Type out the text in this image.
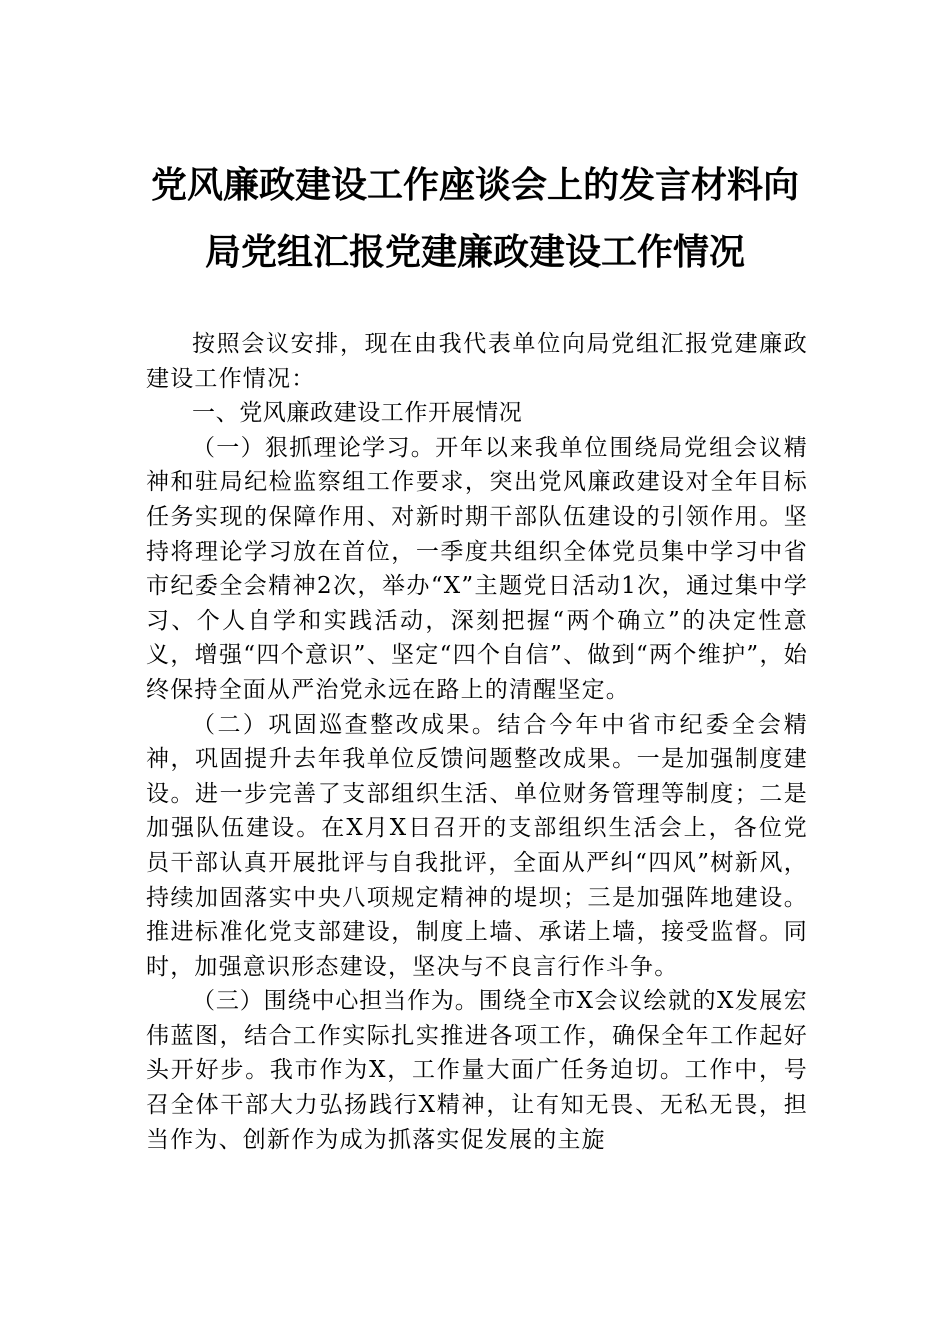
党风廉政建设工作座谈会上的发言材料向
局党组汇报党建廉政建设工作情况

按照会议安排，现在由我代表单位向局党组汇报党建廉政建设工作情况：

一、党风廉政建设工作开展情况

（一）狠抓理论学习。开年以来我单位围绕局党组会议精神和驻局纪检监察组工作要求，突出党风廉政建设对全年目标任务实现的保障作用、对新时期干部队伍建设的引领作用。坚持将理论学习放在首位，一季度共组织全体党员集中学习中省市纪委全会精神2次，举办“X”主题党日活动1次，通过集中学习、个人自学和实践活动，深刻把握“两个确立”的决定性意义，增强“四个意识”、坚定“四个自信”、做到“两个维护”，始终保持全面从严治党永远在路上的清醒坚定。

（二）巩固巡查整改成果。结合今年中省市纪委全会精神，巩固提升去年我单位反馈问题整改成果。一是加强制度建设。进一步完善了支部组织生活、单位财务管理等制度；二是加强队伍建设。在X月X日召开的支部组织生活会上，各位党员干部认真开展批评与自我批评，全面从严纠“四风”树新风，持续加固落实中央八项规定精神的堤坝；三是加强阵地建设。推进标准化党支部建设，制度上墙、承诺上墙，接受监督。同时，加强意识形态建设，坚决与不良言行作斗争。

（三）围绕中心担当作为。围绕全市X会议绘就的X发展宏伟蓝图，结合工作实际扎实推进各项工作，确保全年工作起好头开好步。我市作为X，工作量大面广任务迫切。工作中，号召全体干部大力弘扬践行X精神，让有知无畏、无私无畏，担当作为、创新作为成为抓落实促发展的主旋
